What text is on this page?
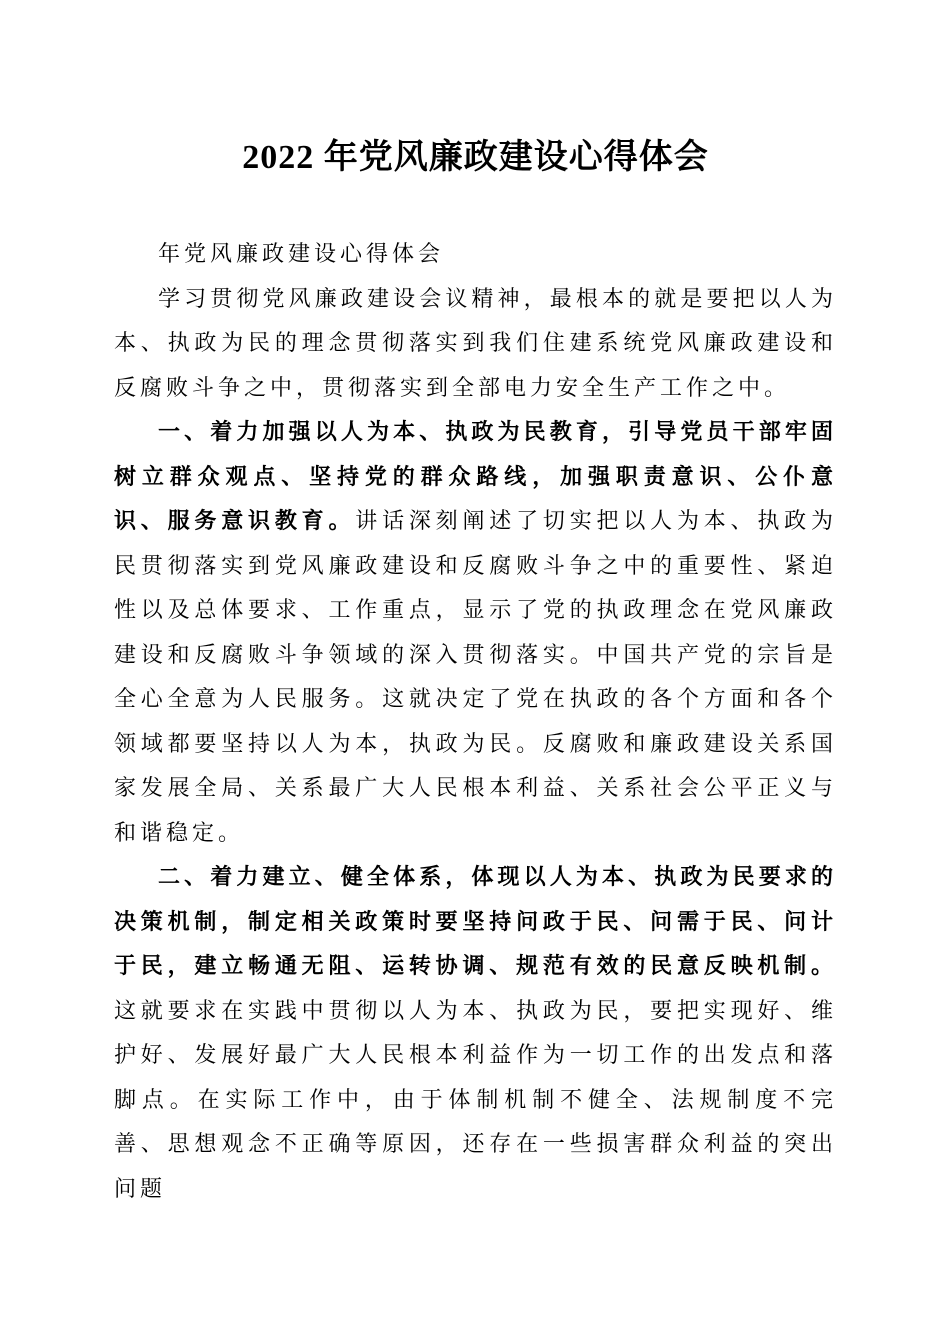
2022 年党风廉政建设心得体会

年党风廉政建设心得体会

学习贯彻党风廉政建设会议精神，最根本的就是要把以人为本、执政为民的理念贯彻落实到我们住建系统党风廉政建设和反腐败斗争之中，贯彻落实到全部电力安全生产工作之中。

一、着力加强以人为本、执政为民教育，引导党员干部牢固树立群众观点、坚持党的群众路线，加强职责意识、公仆意识、服务意识教育。讲话深刻阐述了切实把以人为本、执政为民贯彻落实到党风廉政建设和反腐败斗争之中的重要性、紧迫性以及总体要求、工作重点，显示了党的执政理念在党风廉政建设和反腐败斗争领域的深入贯彻落实。中国共产党的宗旨是全心全意为人民服务。这就决定了党在执政的各个方面和各个领域都要坚持以人为本，执政为民。反腐败和廉政建设关系国家发展全局、关系最广大人民根本利益、关系社会公平正义与和谐稳定。

二、着力建立、健全体系，体现以人为本、执政为民要求的决策机制，制定相关政策时要坚持问政于民、问需于民、问计于民，建立畅通无阻、运转协调、规范有效的民意反映机制。这就要求在实践中贯彻以人为本、执政为民，要把实现好、维护好、发展好最广大人民根本利益作为一切工作的出发点和落脚点。在实际工作中，由于体制机制不健全、法规制度不完善、思想观念不正确等原因，还存在一些损害群众利益的突出问题
